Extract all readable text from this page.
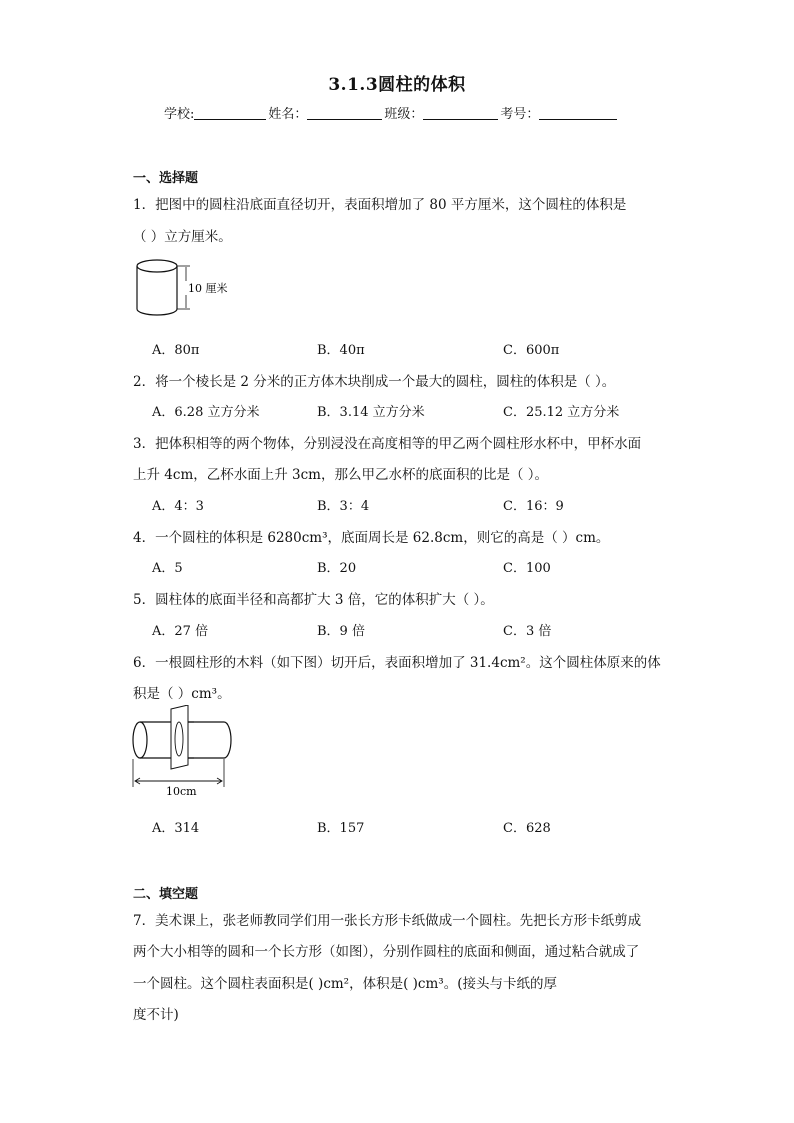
3.1.3圆柱的体积
学校:	姓名：	班级：	考号：
一、选择题
1．把图中的圆柱沿底面直径切开，表面积增加了 80 平方厘米，这个圆柱的体积是
（ ）立方厘米。
10 厘米
A．80π	B．40π	C．600π
2．将一个棱长是 2 分米的正方体木块削成一个最大的圆柱，圆柱的体积是（ ）。
A．6.28 立方分米	B．3.14 立方分米	C．25.12 立方分米
3．把体积相等的两个物体，分别浸没在高度相等的甲乙两个圆柱形水杯中，甲杯水面
上升 4cm，乙杯水面上升 3cm，那么甲乙水杯的底面积的比是（ ）。
A．4：3	B．3：4	C．16：9
4．一个圆柱的体积是 6280cm³，底面周长是 62.8cm，则它的高是（ ）cm。
A．5	B．20	C．100
5．圆柱体的底面半径和高都扩大 3 倍，它的体积扩大（ ）。
A．27 倍	B．9 倍	C．3 倍
6．一根圆柱形的木料（如下图）切开后，表面积增加了 31.4cm²。这个圆柱体原来的体
积是（ ）cm³。
10cm
A．314	B．157	C．628
二、填空题
7．美术课上，张老师教同学们用一张长方形卡纸做成一个圆柱。先把长方形卡纸剪成
两个大小相等的圆和一个长方形（如图），分别作圆柱的底面和侧面，通过粘合就成了
一个圆柱。这个圆柱表面积是( )cm²，体积是( )cm³。(接头与卡纸的厚
度不计)
